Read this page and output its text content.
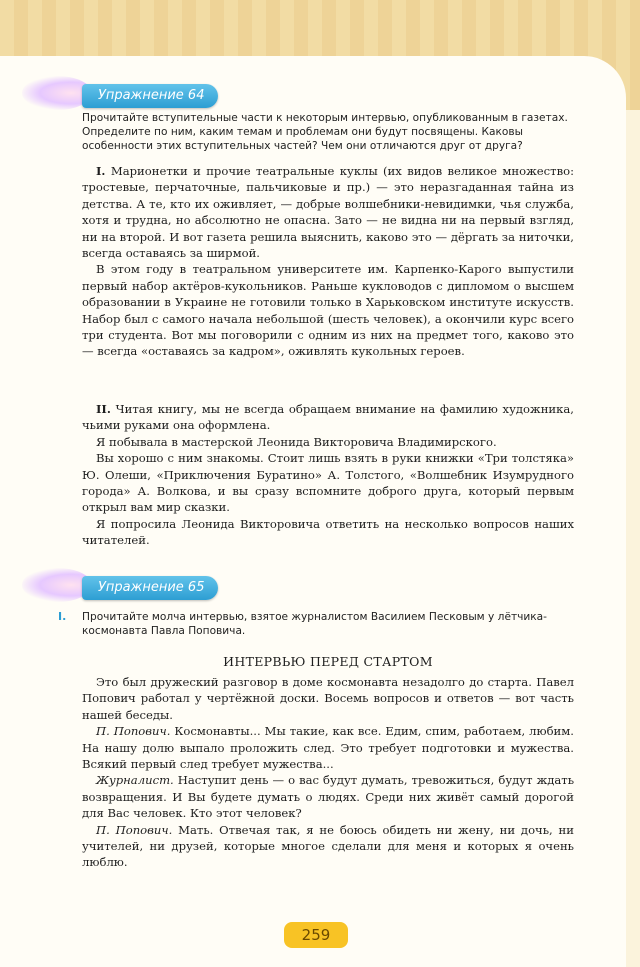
Упражнение 64
Прочитайте вступительные части к некоторым интервью, опубликованным в газетах. Определите по ним, каким темам и проблемам они будут посвящены. Каковы особенности этих вступительных частей? Чем они отличаются друг от друга?

I. Марионетки и прочие театральные куклы (их видов великое множество: тростевые, перчаточные, пальчиковые и пр.) — это неразгаданная тайна из детства. А те, кто их оживляет, — добрые волшебники-невидимки, чья служба, хотя и трудна, но абсолютно не опасна. Зато — не видна ни на первый взгляд, ни на второй. И вот газета решила выяснить, каково это — дёргать за ниточки, всегда оставаясь за ширмой.

В этом году в театральном университете им. Карпенко-Карого выпустили первый набор актёров-кукольников. Раньше кукловодов с дипломом о высшем образовании в Украине не готовили только в Харьковском институте искусств. Набор был с самого начала небольшой (шесть человек), а окончили курс всего три студента. Вот мы поговорили с одним из них на предмет того, каково это — всегда «оставаясь за кадром», оживлять кукольных героев.

II. Читая книгу, мы не всегда обращаем внимание на фамилию художника, чьими руками она оформлена.

Я побывала в мастерской Леонида Викторовича Владимирского.

Вы хорошо с ним знакомы. Стоит лишь взять в руки книжки «Три толстяка» Ю. Олеши, «Приключения Буратино» А. Толстого, «Волшебник Изумрудного города» А. Волкова, и вы сразу вспомните доброго друга, который первым открыл вам мир сказки.

Я попросила Леонида Викторовича ответить на несколько вопросов наших читателей.

Упражнение 65
I. Прочитайте молча интервью, взятое журналистом Василием Песковым у лётчика-космонавта Павла Поповича.
ИНТЕРВЬЮ ПЕРЕД СТАРТОМ

Это был дружеский разговор в доме космонавта незадолго до старта. Павел Попович работал у чертёжной доски. Восемь вопросов и ответов — вот часть нашей беседы.

П. Попович. Космонавты... Мы такие, как все. Едим, спим, работаем, любим. На нашу долю выпало проложить след. Это требует подготовки и мужества. Всякий первый след требует мужества...

Журналист. Наступит день — о вас будут думать, тревожиться, будут ждать возвращения. И Вы будете думать о людях. Среди них живёт самый дорогой для Вас человек. Кто этот человек?

П. Попович. Мать. Отвечая так, я не боюсь обидеть ни жену, ни дочь, ни учителей, ни друзей, которые многое сделали для меня и которых я очень люблю.

259
